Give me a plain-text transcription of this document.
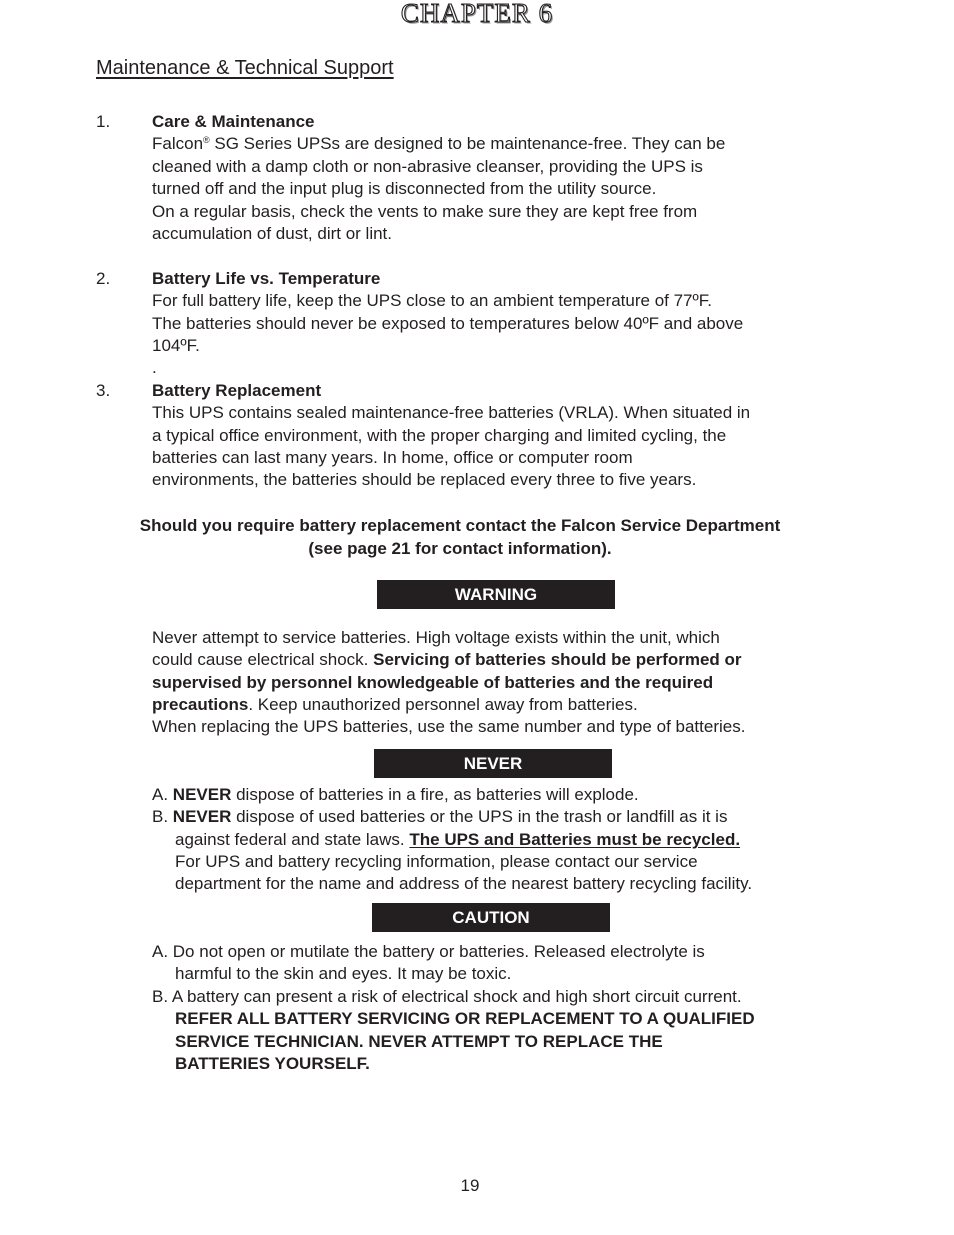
CHAPTER 6
Maintenance & Technical Support
1. Care & Maintenance
Falcon® SG Series UPSs are designed to be maintenance-free. They can be
cleaned with a damp cloth or non-abrasive cleanser, providing the UPS is
turned off and the input plug is disconnected from the utility source.
On a regular basis, check the vents to make sure they are kept free from
accumulation of dust, dirt or lint.
2. Battery Life vs. Temperature
For full battery life, keep the UPS close to an ambient temperature of 77ºF.
The batteries should never be exposed to temperatures below 40ºF and above
104ºF.
.
3. Battery Replacement
This UPS contains sealed maintenance-free batteries (VRLA). When situated in
a typical office environment, with the proper charging and limited cycling, the
batteries can last many years. In home, office or computer room
environments, the batteries should be replaced every three to five years.
Should you require battery replacement contact the Falcon Service Department
(see page 21 for contact information).
WARNING
Never attempt to service batteries. High voltage exists within the unit, which
could cause electrical shock. Servicing of batteries should be performed or
supervised by personnel knowledgeable of batteries and the required
precautions. Keep unauthorized personnel away from batteries.
When replacing the UPS batteries, use the same number and type of batteries.
NEVER
A. NEVER dispose of batteries in a fire, as batteries will explode.
B. NEVER dispose of used batteries or the UPS in the trash or landfill as it is
against federal and state laws. The UPS and Batteries must be recycled.
For UPS and battery recycling information, please contact our service
department for the name and address of the nearest battery recycling facility.
CAUTION
A. Do not open or mutilate the battery or batteries. Released electrolyte is
harmful to the skin and eyes. It may be toxic.
B. A battery can present a risk of electrical shock and high short circuit current.
REFER ALL BATTERY SERVICING OR REPLACEMENT TO A QUALIFIED
SERVICE TECHNICIAN. NEVER ATTEMPT TO REPLACE THE
BATTERIES YOURSELF.
19
